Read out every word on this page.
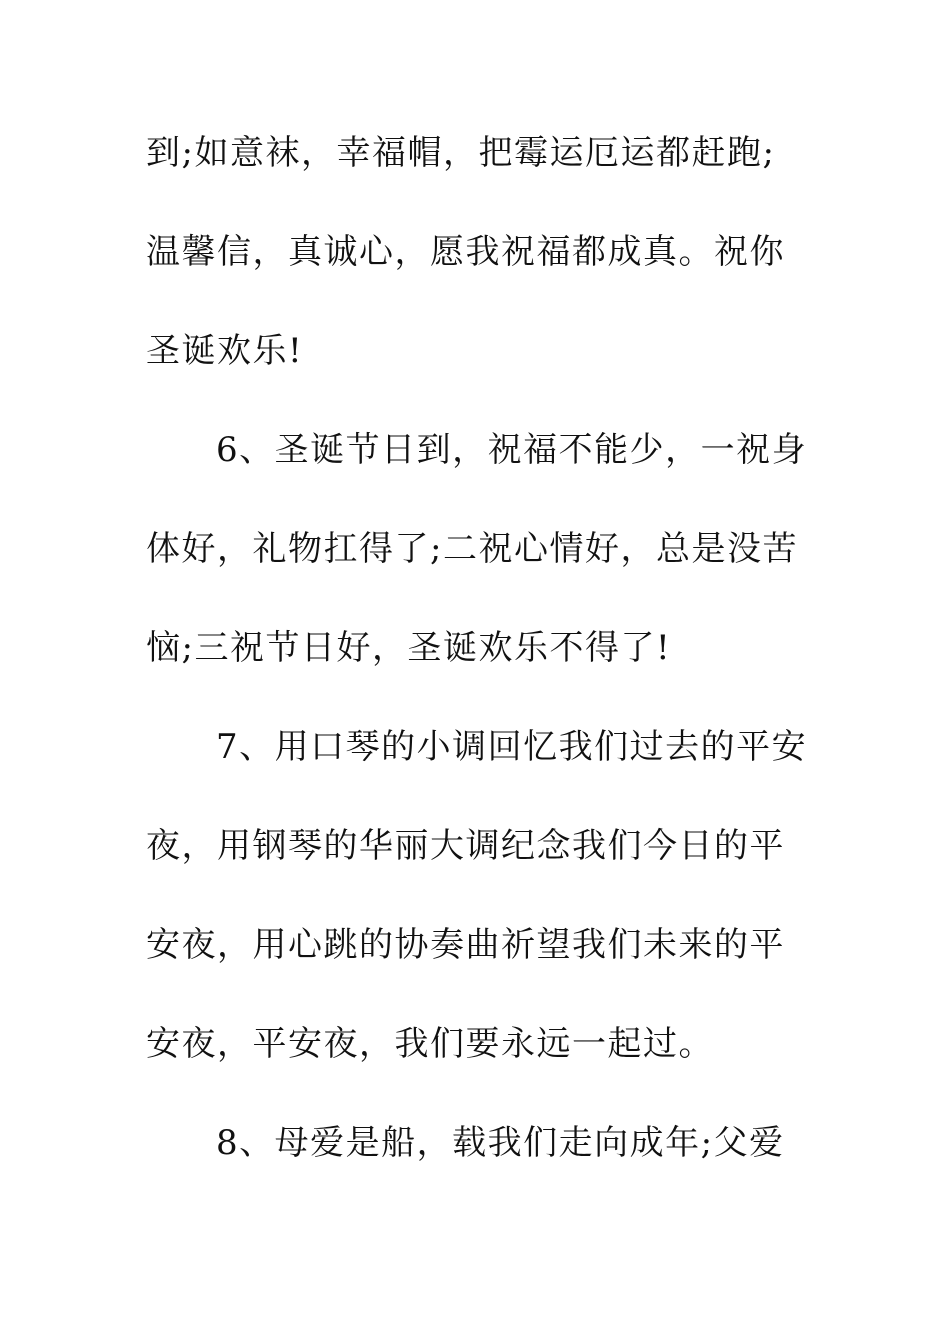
到;如意袜，幸福帽，把霉运厄运都赶跑;
温馨信，真诚心，愿我祝福都成真。祝你
圣诞欢乐!
6、圣诞节日到，祝福不能少，一祝身
体好，礼物扛得了;二祝心情好，总是没苦
恼;三祝节日好，圣诞欢乐不得了!
7、用口琴的小调回忆我们过去的平安
夜，用钢琴的华丽大调纪念我们今日的平
安夜，用心跳的协奏曲祈望我们未来的平
安夜，平安夜，我们要永远一起过。
8、母爱是船，载我们走向成年;父爱
